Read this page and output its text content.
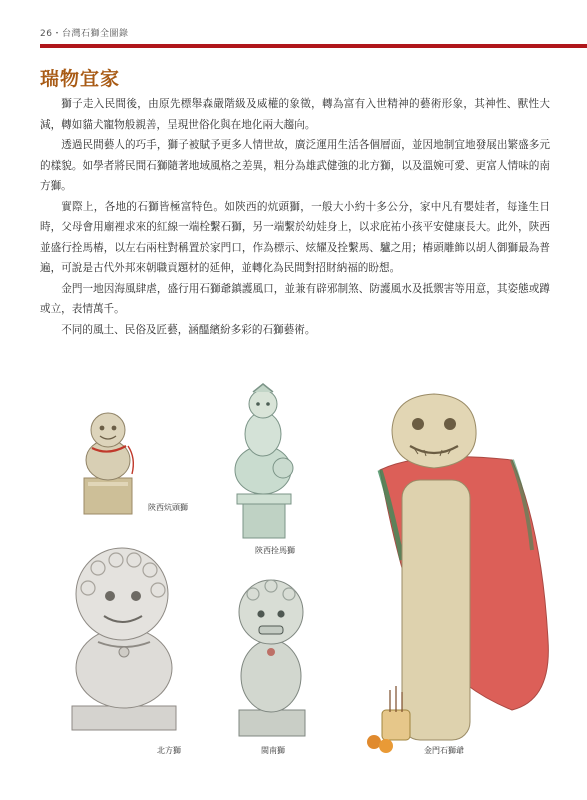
26・台灣石獅全圖錄
瑞物宜家

獅子走入民間後，由原先標舉森嚴階級及威權的象徵，轉為富有入世精神的藝術形象，其神性、獸性大減，轉如貓犬寵物般親善，呈現世俗化與在地化兩大趨向。

透過民間藝人的巧手，獅子被賦予更多人情世故，廣泛運用生活各個層面，並因地制宜地發展出繁盛多元的樣貌。如學者將民間石獅隨著地域風格之差異，粗分為雄武健強的北方獅，以及溫婉可愛、更富人情味的南方獅。

實際上，各地的石獅皆極富特色。如陝西的炕頭獅，一般大小約十多公分，家中凡有嬰娃者，每逢生日時，父母會用廟裡求來的紅線一端栓繫石獅，另一端繫於幼娃身上，以求庇祐小孩平安健康長大。此外，陝西並盛行拴馬樁，以左右兩柱對稱置於家門口，作為標示、炫耀及拴繫馬、驢之用；樁頭雕飾以胡人御獅最為普遍，可說是古代外邦來朝職貢題材的延伸，並轉化為民間對招財納福的盼想。

金門一地因海風肆虐，盛行用石獅爺鎮護風口，並兼有辟邪制煞、防護風水及抵禦害等用意，其姿態或蹲或立，表情萬千。

不同的風土、民俗及匠藝，涵醞繽紛多彩的石獅藝術。

陝西炕頭獅
陝西拴馬獅
北方獅	閩南獅	金門石獅爺
